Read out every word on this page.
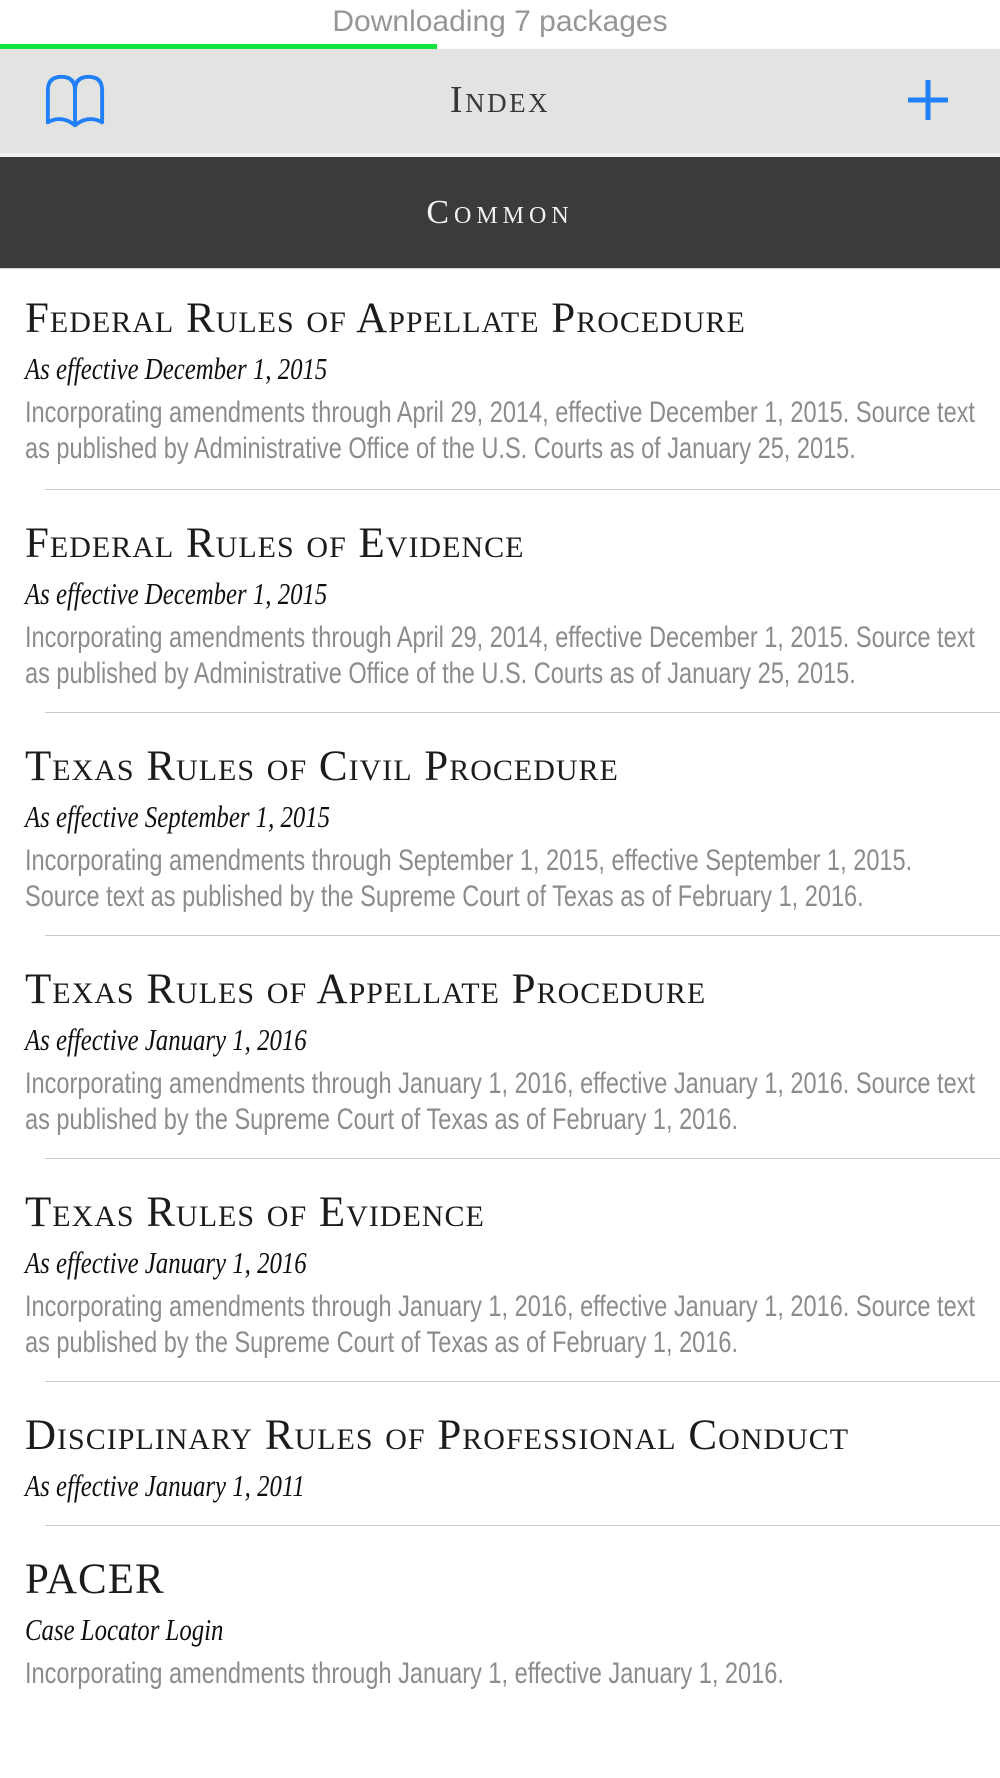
Downloading 7 packages
Index
Common
Federal Rules of Appellate Procedure
As effective December 1, 2015
Incorporating amendments through April 29, 2014, effective December 1, 2015. Source text as published by Administrative Office of the U.S. Courts as of January 25, 2015.
Federal Rules of Evidence
As effective December 1, 2015
Incorporating amendments through April 29, 2014, effective December 1, 2015. Source text as published by Administrative Office of the U.S. Courts as of January 25, 2015.
Texas Rules of Civil Procedure
As effective September 1, 2015
Incorporating amendments through September 1, 2015, effective September 1, 2015. Source text as published by the Supreme Court of Texas as of February 1, 2016.
Texas Rules of Appellate Procedure
As effective January 1, 2016
Incorporating amendments through January 1, 2016, effective January 1, 2016. Source text as published by the Supreme Court of Texas as of February 1, 2016.
Texas Rules of Evidence
As effective January 1, 2016
Incorporating amendments through January 1, 2016, effective January 1, 2016. Source text as published by the Supreme Court of Texas as of February 1, 2016.
Disciplinary Rules of Professional Conduct
As effective January 1, 2011
PACER
Case Locator Login
Incorporating amendments through January 1, effective January 1, 2016.
